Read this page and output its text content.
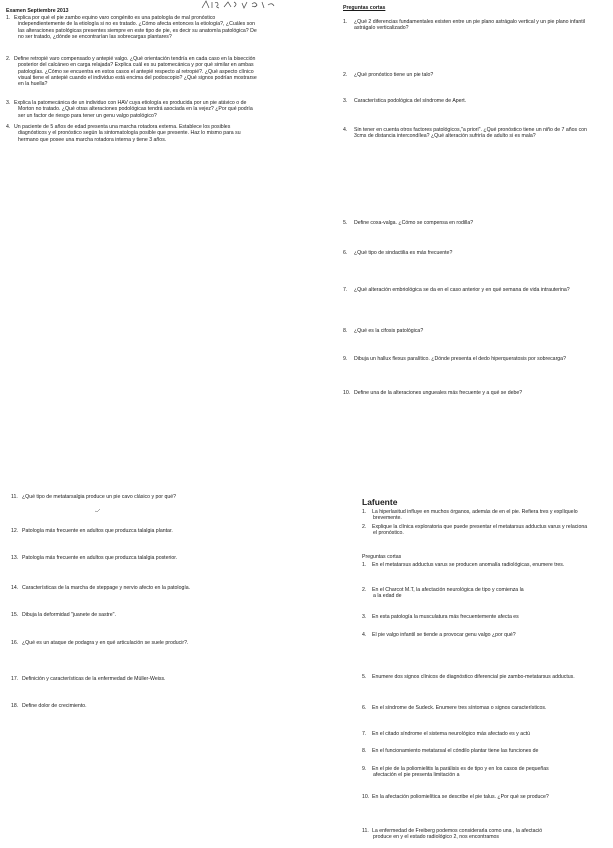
Examen Septiembre 2013
1. Explica por qué el pie zambo equino varo congénito es una patología de mal pronóstico
independientemente de la etiología si no es tratado. ¿Cómo afecta entonces la etiología?, ¿Cuáles son
las alteraciones patológicas presentes siempre en este tipo de pie, es decir su anatomía patológica? De
no ser tratado, ¿dónde se encontrarían las sobrecargas plantares?
2. Define retropié varo compensado y antepié valgo. ¿Qué orientación tendría en cada caso en la bisección
posterior del calcáneo en carga relajada? Explica cuál es su patomecánica y por qué similar en ambas
patologías. ¿Cómo se encuentra en estos casos el antepié respecto al retropié?. ¿Qué aspecto clínico
visual tiene el antepié cuando el individuo está encima del podoscopio? ¿Qué signos podrían mostrarse
en la huella?
3. Explica la patomecánica de un individuo con HAV cuya etiología es producida por un pie atávico o de
Morton no tratado. ¿Qué otras alteraciones podológicas tendrá asociada en la vejez? ¿Por qué podría
ser un factor de riesgo para tener un genu valgo patológico?
4. Un paciente de 5 años de edad presenta una marcha rotadora externa. Establece los posibles
diagnósticos y el pronóstico según la sintomatología posible que presente. Haz lo mismo para su
hermano que posee una marcha rotadora interna y tiene 3 años.
Preguntas cortas
1. ¿Qué 2 diferencias fundamentales existen entre un pie plano astrágalo vertical y un pie plano infantil
astrágalo verticalizado?
2. ¿Qué pronóstico tiene un pie talo?
3. Característica podológica del síndrome de Apert.
4. Sin tener en cuenta otros factores patológicos,"a priori". ¿Qué pronóstico tiene un niño de 7 años con
3cms de distancia intercondílea? ¿Qué alteración sufriría de adulto si es mala?
5. Define coxa-valga. ¿Cómo se compensa en rodilla?
6. ¿Qué tipo de sindactilia es más frecuente?
7. ¿Qué alteración embriológica se da en el caso anterior y en qué semana de vida intrauterina?
8. ¿Qué es la cifosis patológica?
9. Dibuja un hallux flexus paralítico. ¿Dónde presenta el dedo hiperqueratosis por sobrecarga?
10. Define una de la alteraciones ungueales más frecuente y a qué se debe?
11. ¿Qué tipo de metatarsalgia produce un pie cavo clásico y por qué?
12. Patología más frecuente en adultos que produzca talalgia plantar.
13. Patología más frecuente en adultos que produzca talalgia posterior.
14. Características de la marcha de steppage y nervio afecto en la patología.
15. Dibuja la deformidad "juanete de sastre".
16. ¿Qué es un ataque de podagra y en qué articulación se suele producir?.
17. Definición y características de la enfermedad de Müller-Weiss.
18. Define dolor de crecimiento.
Lafuente
1. La hiperlaxitud influye en muchos órganos, además de en el pie. Refiera tres y explíquelo
brevemente.
2. Explique la clínica exploratoria que puede presentar el metatarsus adductus varus y relaciona
el pronóstico.
Preguntas cortas
1. En el metatarsus adductus varus se producen anomalía radiológicas, enumere tres.
2. En el Charcot M.T, la afectación neurológica de tipo y comienza la
a la edad de
3. En esta patología la musculatura más frecuentemente afecta es
4. El pie valgo infantil se tiende a provocar genu valgo ¿por qué?
5. Enumere dos signos clínicos de diagnóstico diferencial pie zambo-metatarsus adductus.
6. En el síndrome de Sudeck. Enumere tres síntomas o signos característicos.
7. En el citado síndrome el sistema neurológico más afectado es y actú
8. En el funcionamiento metatarsal el cóndilo plantar tiene las funciones de
9. En el pie de la poliomielitis la parálisis es de tipo y en los casos de pequeñas
afectación el pie presenta limitación a
10. En la afectación poliomielítica se describe el pie talus. ¿Por qué se produce?
11. La enfermedad de Freiberg podemos considerarla como una , la afectació
produce en y el estado radiológico 2, nos encontramos
